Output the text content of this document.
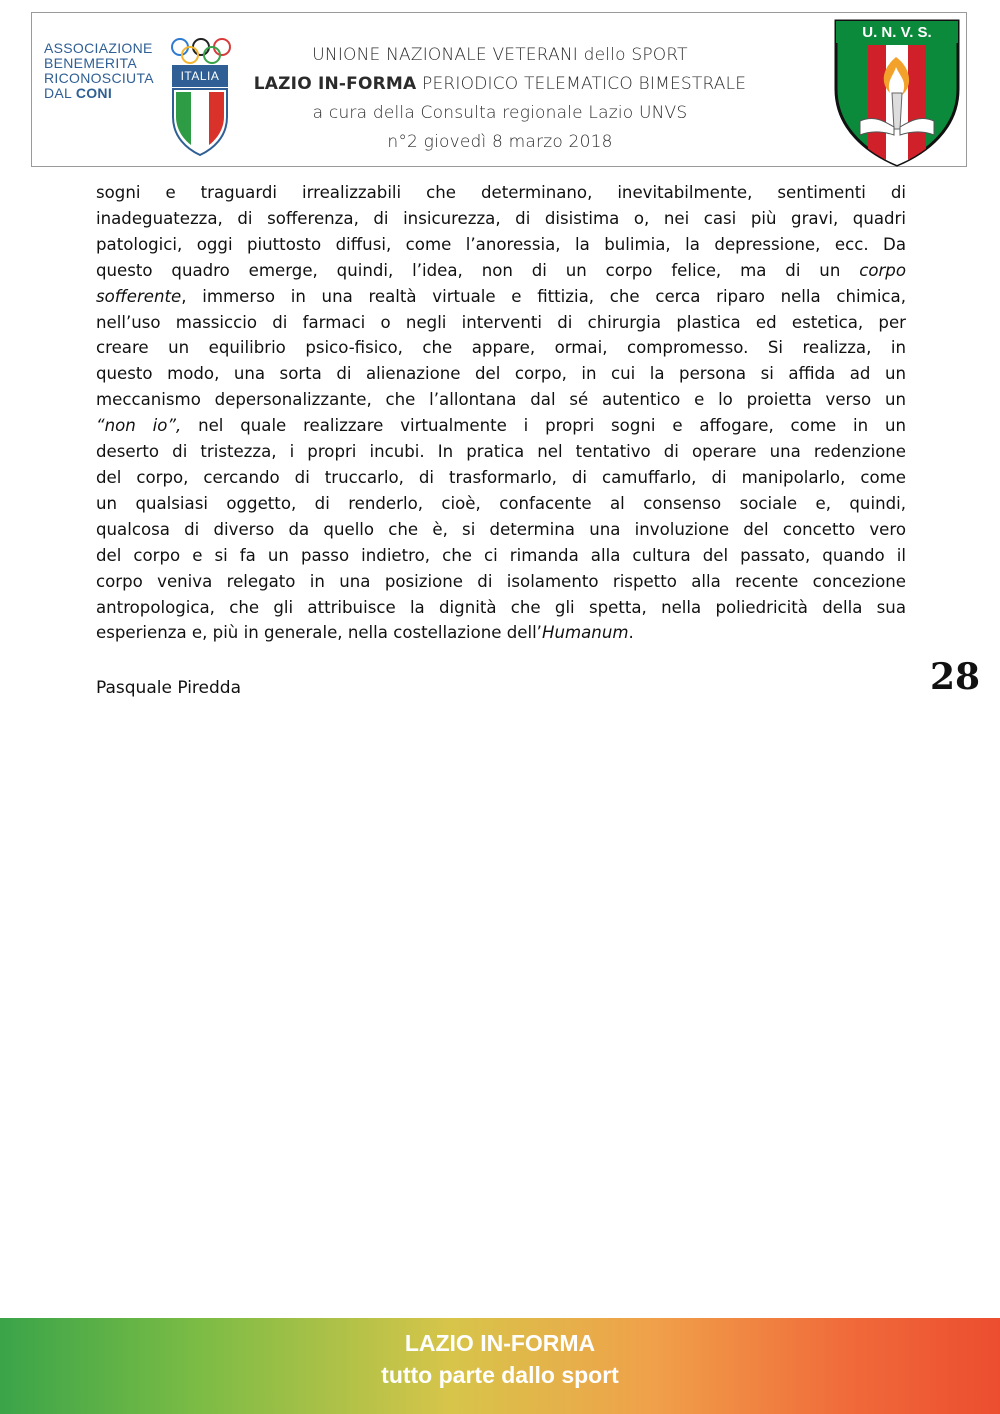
ASSOCIAZIONE
BENEMERITA
RICONOSCIUTA
DAL CONI
ITALIA
UNIONE NAZIONALE VETERANI dello SPORT
LAZIO IN-FORMA PERIODICO TELEMATICO BIMESTRALE
a cura della Consulta regionale Lazio UNVS
n°2 giovedì 8 marzo 2018
U. N. V. S.
sogni e traguardi irrealizzabili che determinano, inevitabilmente, sentimenti di
inadeguatezza, di sofferenza, di insicurezza, di disistima o, nei casi più gravi, quadri
patologici, oggi piuttosto diffusi, come l’anoressia, la bulimia, la depressione, ecc. Da
questo quadro emerge, quindi, l’idea, non di un corpo felice, ma di un corpo
sofferente, immerso in una realtà virtuale e fittizia, che cerca riparo nella chimica,
nell’uso massiccio di farmaci o negli interventi di chirurgia plastica ed estetica, per
creare un equilibrio psico-fisico, che appare, ormai, compromesso. Si realizza, in
questo modo, una sorta di alienazione del corpo, in cui la persona si affida ad un
meccanismo depersonalizzante, che l’allontana dal sé autentico e lo proietta verso un
“non io”, nel quale realizzare virtualmente i propri sogni e affogare, come in un
deserto di tristezza, i propri incubi. In pratica nel tentativo di operare una redenzione
del corpo, cercando di truccarlo, di trasformarlo, di camuffarlo, di manipolarlo, come
un qualsiasi oggetto, di renderlo, cioè, confacente al consenso sociale e, quindi,
qualcosa di diverso da quello che è, si determina una involuzione del concetto vero
del corpo e si fa un passo indietro, che ci rimanda alla cultura del passato, quando il
corpo veniva relegato in una posizione di isolamento rispetto alla recente concezione
antropologica, che gli attribuisce la dignità che gli spetta, nella poliedricità della sua
esperienza e, più in generale, nella costellazione dell’Humanum.
Pasquale Piredda	28
LAZIO IN-FORMA
tutto parte dallo sport
